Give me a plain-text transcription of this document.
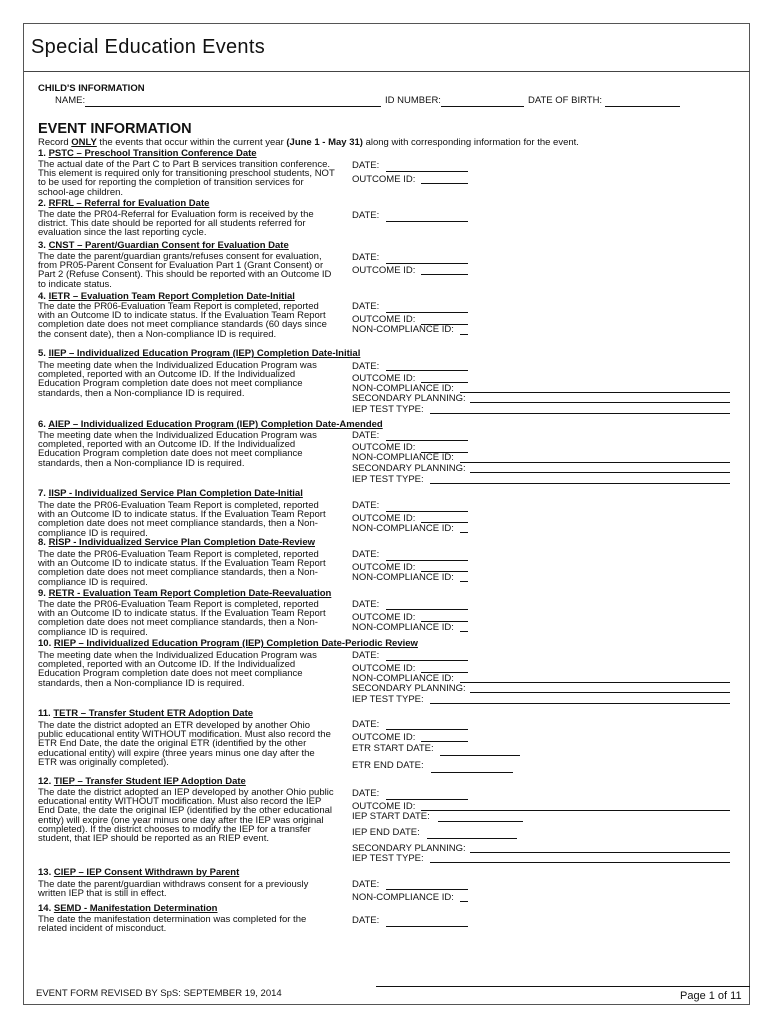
Special Education Events
CHILD'S INFORMATION
NAME:	ID NUMBER:	DATE OF BIRTH:
EVENT INFORMATION
Record ONLY the events that occur within the current year (June 1 - May 31) along with corresponding information for the event.
1. PSTC – Preschool Transition Conference Date
The actual date of the Part C to Part B services transition conference. This element is required only for transitioning preschool students, NOT to be used for reporting the completion of transition services for school-age children.
DATE:
OUTCOME ID:
2. RFRL – Referral for Evaluation Date
The date the PR04-Referral for Evaluation form is received by the district. This date should be reported for all students referred for evaluation since the last reporting cycle.
DATE:
3. CNST – Parent/Guardian Consent for Evaluation Date
The date the parent/guardian grants/refuses consent for evaluation, from PR05-Parent Consent for Evaluation Part 1 (Grant Consent) or Part 2 (Refuse Consent). This should be reported with an Outcome ID to indicate status.
DATE:
OUTCOME ID:
4. IETR – Evaluation Team Report Completion Date-Initial
The date the PR06-Evaluation Team Report is completed, reported with an Outcome ID to indicate status. If the Evaluation Team Report completion date does not meet compliance standards (60 days since the consent date), then a Non-compliance ID is required.
DATE:
OUTCOME ID:
NON-COMPLIANCE ID:
5. IIEP – Individualized Education Program (IEP) Completion Date-Initial
The meeting date when the Individualized Education Program was completed, reported with an Outcome ID. If the Individualized Education Program completion date does not meet compliance standards, then a Non-compliance ID is required.
DATE:
OUTCOME ID:
NON-COMPLIANCE ID:
SECONDARY PLANNING:
IEP TEST TYPE:
6. AIEP – Individualized Education Program (IEP) Completion Date-Amended
The meeting date when the Individualized Education Program was completed, reported with an Outcome ID. If the Individualized Education Program completion date does not meet compliance standards, then a Non-compliance ID is required.
DATE:
OUTCOME ID:
NON-COMPLIANCE ID:
SECONDARY PLANNING:
IEP TEST TYPE:
7. IISP - Individualized Service Plan Completion Date-Initial
The date the PR06-Evaluation Team Report is completed, reported with an Outcome ID to indicate status. If the Evaluation Team Report completion date does not meet compliance standards, then a Non-compliance ID is required.
DATE:
OUTCOME ID:
NON-COMPLIANCE ID:
8. RISP - Individualized Service Plan Completion Date-Review
The date the PR06-Evaluation Team Report is completed, reported with an Outcome ID to indicate status. If the Evaluation Team Report completion date does not meet compliance standards, then a Non-compliance ID is required.
DATE:
OUTCOME ID:
NON-COMPLIANCE ID:
9. RETR - Evaluation Team Report Completion Date-Reevaluation
The date the PR06-Evaluation Team Report is completed, reported with an Outcome ID to indicate status. If the Evaluation Team Report completion date does not meet compliance standards, then a Non-compliance ID is required.
DATE:
OUTCOME ID:
NON-COMPLIANCE ID:
10. RIEP – Individualized Education Program (IEP) Completion Date-Periodic Review
The meeting date when the Individualized Education Program was completed, reported with an Outcome ID. If the Individualized Education Program completion date does not meet compliance standards, then a Non-compliance ID is required.
DATE:
OUTCOME ID:
NON-COMPLIANCE ID:
SECONDARY PLANNING:
IEP TEST TYPE:
11. TETR – Transfer Student ETR Adoption Date
The date the district adopted an ETR developed by another Ohio public educational entity WITHOUT modification. Must also record the ETR End Date, the date the original ETR (identified by the other educational entity) will expire (three years minus one day after the ETR was originally completed).
DATE:
OUTCOME ID:
ETR START DATE:
ETR END DATE:
12. TIEP – Transfer Student IEP Adoption Date
The date the district adopted an IEP developed by another Ohio public educational entity WITHOUT modification. Must also record the IEP End Date, the date the original IEP (identified by the other educational entity) will expire (one year minus one day after the IEP was original completed). If the district chooses to modify the IEP for a transfer student, that IEP should be reported as an RIEP event.
DATE:
OUTCOME ID:
IEP START DATE:
IEP END DATE:
SECONDARY PLANNING:
IEP TEST TYPE:
13. CIEP – IEP Consent Withdrawn by Parent
The date the parent/guardian withdraws consent for a previously written IEP that is still in effect.
DATE:
NON-COMPLIANCE ID:
14. SEMD - Manifestation Determination
The date the manifestation determination was completed for the related incident of misconduct.
DATE:
EVENT FORM REVISED BY SpS: SEPTEMBER 19, 2014	Page 1 of 11
